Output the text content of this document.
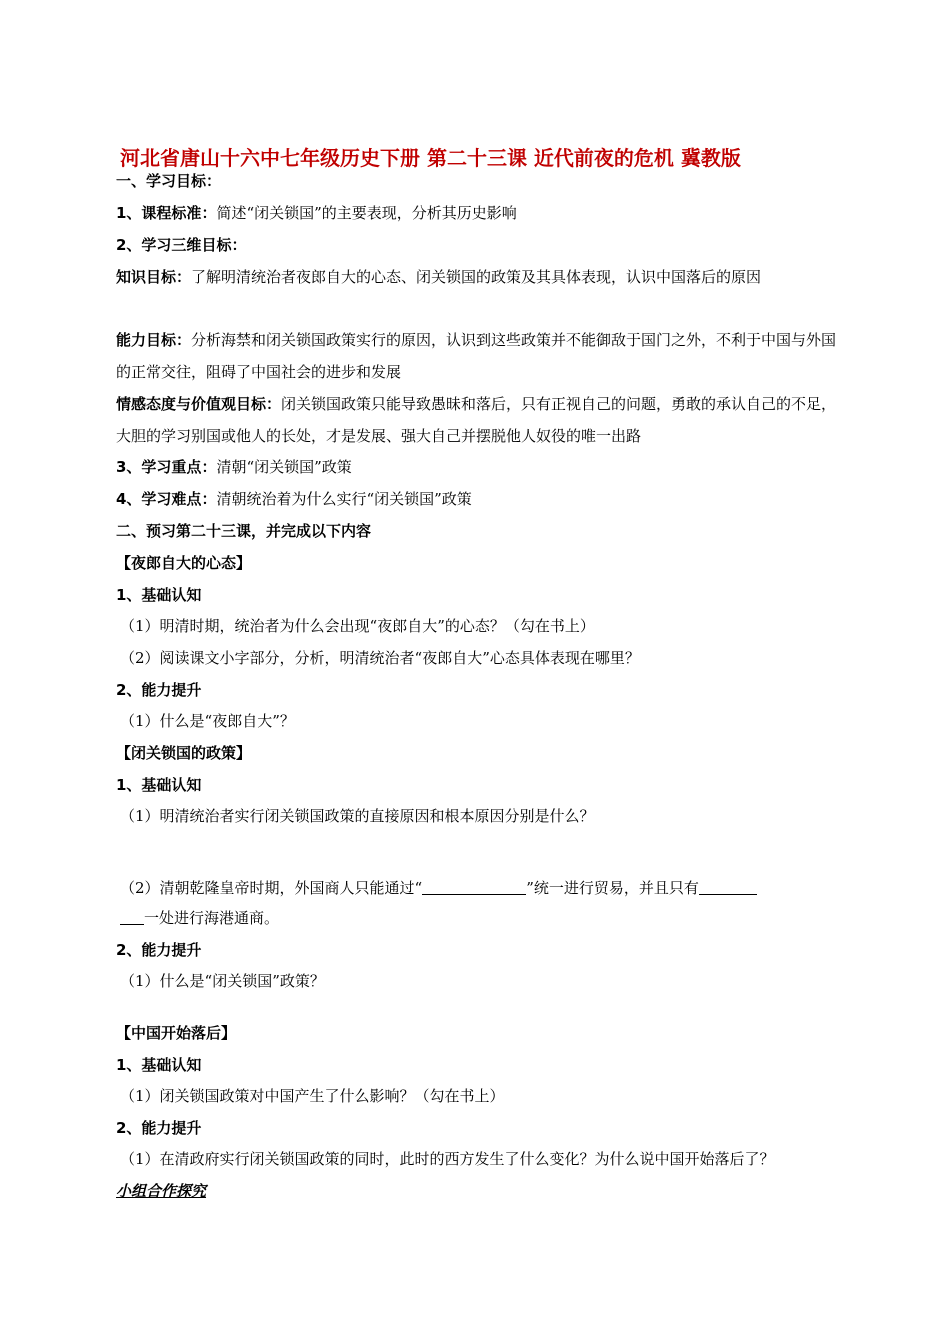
河北省唐山十六中七年级历史下册 第二十三课 近代前夜的危机 冀教版
一、学习目标：
1、课程标准：简述“闭关锁国”的主要表现，分析其历史影响
2、学习三维目标：
知识目标：了解明清统治者夜郎自大的心态、闭关锁国的政策及其具体表现，认识中国落后的原因
能力目标：分析海禁和闭关锁国政策实行的原因，认识到这些政策并不能御敌于国门之外，不利于中国与外国的正常交往，阻碍了中国社会的进步和发展
情感态度与价值观目标：闭关锁国政策只能导致愚昧和落后，只有正视自己的问题，勇敢的承认自己的不足，大胆的学习别国或他人的长处，才是发展、强大自己并摆脱他人奴役的唯一出路
3、学习重点：清朝“闭关锁国”政策
4、学习难点：清朝统治着为什么实行“闭关锁国”政策
二、预习第二十三课，并完成以下内容
【夜郎自大的心态】
1、基础认知
（1）明清时期，统治者为什么会出现“夜郎自大”的心态？（勾在书上）
（2）阅读课文小字部分，分析，明清统治者“夜郎自大”心态具体表现在哪里？
2、能力提升
（1）什么是“夜郎自大”？
【闭关锁国的政策】
1、基础认知
（1）明清统治者实行闭关锁国政策的直接原因和根本原因分别是什么？
（2）清朝乾隆皇帝时期，外国商人只能通过“	”统一进行贸易，并且只有
一处进行海港通商。
2、能力提升
（1）什么是“闭关锁国”政策？
【中国开始落后】
1、基础认知
（1）闭关锁国政策对中国产生了什么影响？（勾在书上）
2、能力提升
（1）在清政府实行闭关锁国政策的同时，此时的西方发生了什么变化？为什么说中国开始落后了？
小组合作探究
